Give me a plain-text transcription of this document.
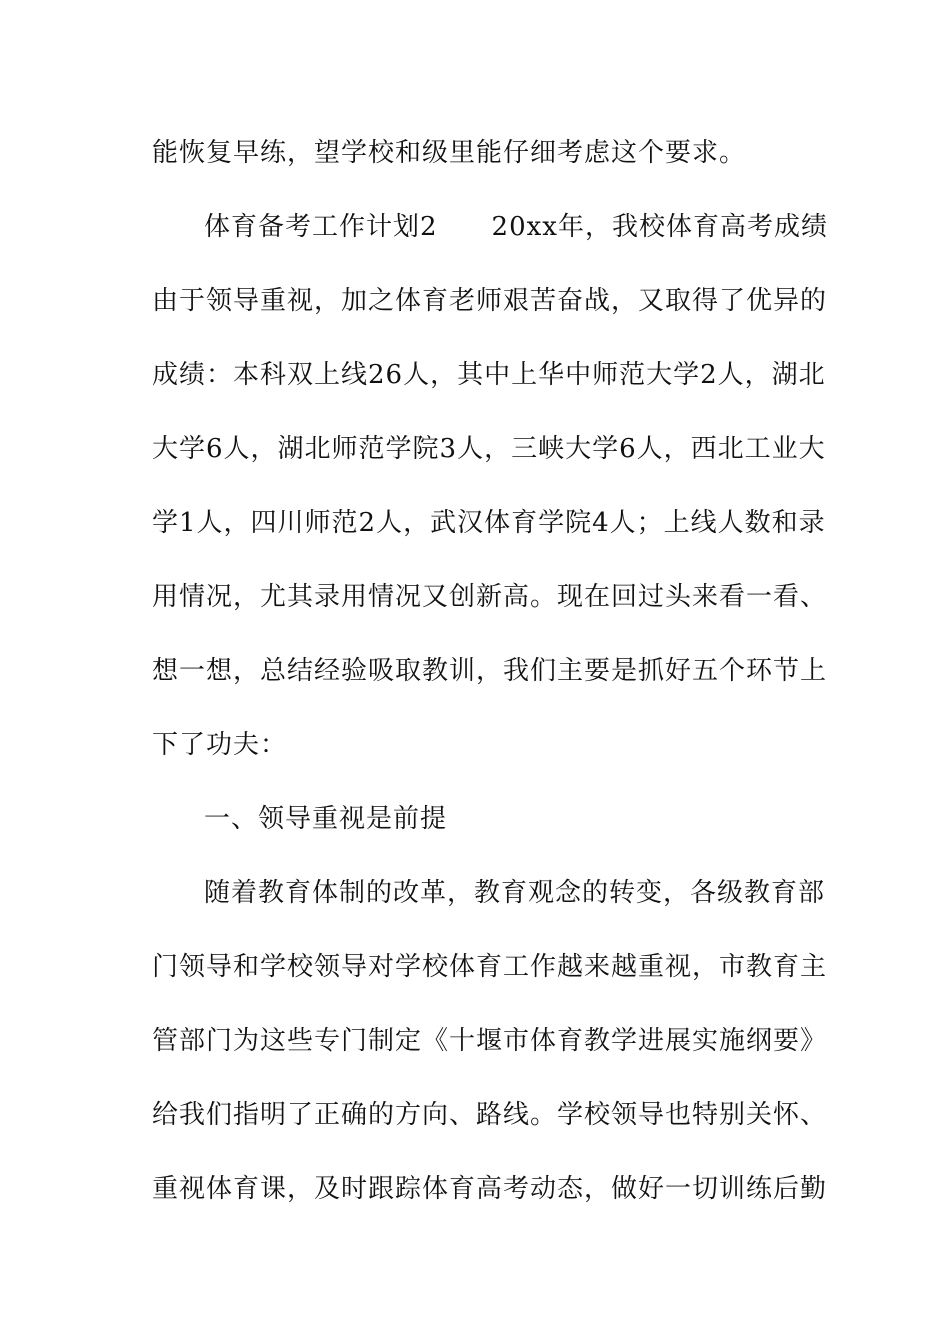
能恢复早练，望学校和级里能仔细考虑这个要求。
体育备考工作计划2　　20xx年，我校体育高考成绩
由于领导重视，加之体育老师艰苦奋战，又取得了优异的
成绩：本科双上线26人，其中上华中师范大学2人，湖北
大学6人，湖北师范学院3人，三峡大学6人，西北工业大
学1人，四川师范2人，武汉体育学院4人；上线人数和录
用情况，尤其录用情况又创新高。现在回过头来看一看、
想一想，总结经验吸取教训，我们主要是抓好五个环节上
下了功夫：
一、领导重视是前提
随着教育体制的改革，教育观念的转变，各级教育部
门领导和学校领导对学校体育工作越来越重视，市教育主
管部门为这些专门制定《十堰市体育教学进展实施纲要》
给我们指明了正确的方向、路线。学校领导也特别关怀、
重视体育课，及时跟踪体育高考动态，做好一切训练后勤
